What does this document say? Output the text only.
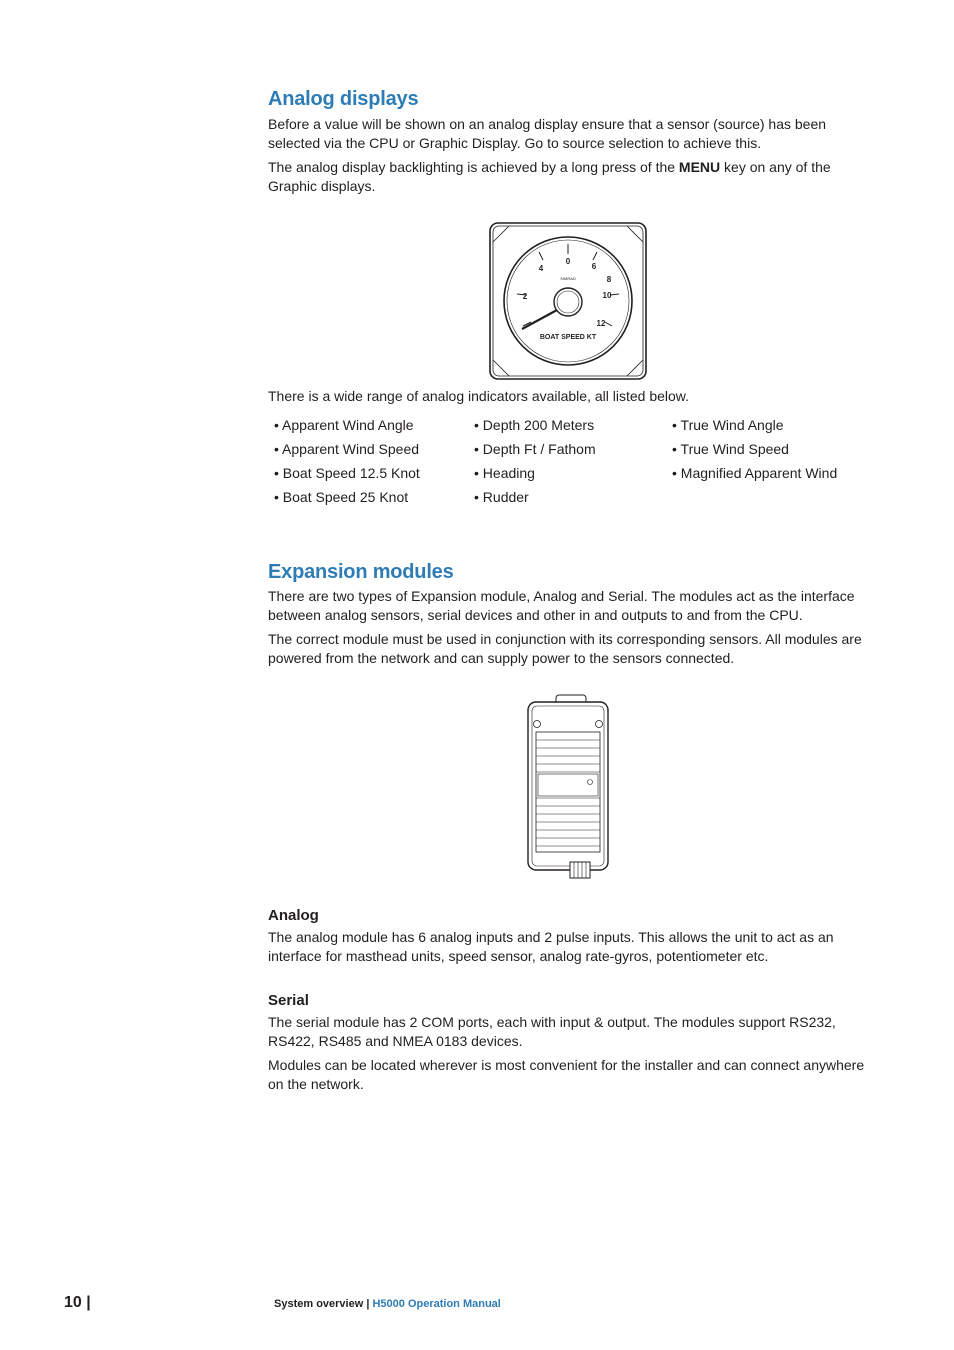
Analog displays

Before a value will be shown on an analog display ensure that a sensor (source) has been selected via the CPU or Graphic Display. Go to source selection to achieve this.

The analog display backlighting is achieved by a long press of the MENU key on any of the Graphic displays.

0
2
4	6
8
10
12
SIMRAD
BOAT SPEED KT

There is a wide range of analog indicators available, all listed below.

• Apparent Wind Angle
• Apparent Wind Speed
• Boat Speed 12.5 Knot
• Boat Speed 25 Knot
• Depth 200 Meters
• Depth Ft / Fathom
• Heading
• Rudder
• True Wind Angle
• True Wind Speed
• Magnified Apparent Wind
Expansion modules

There are two types of Expansion module, Analog and Serial. The modules act as the interface between analog sensors, serial devices and other in and outputs to and from the CPU.

The correct module must be used in conjunction with its corresponding sensors. All modules are powered from the network and can supply power to the sensors connected.

Analog

The analog module has 6 analog inputs and 2 pulse inputs. This allows the unit to act as an interface for masthead units, speed sensor, analog rate-gyros, potentiometer etc.

Serial

The serial module has 2 COM ports, each with input & output. The modules support RS232, RS422, RS485 and NMEA 0183 devices.

Modules can be located wherever is most convenient for the installer and can connect anywhere on the network.

10 |	System overview | H5000 Operation Manual
